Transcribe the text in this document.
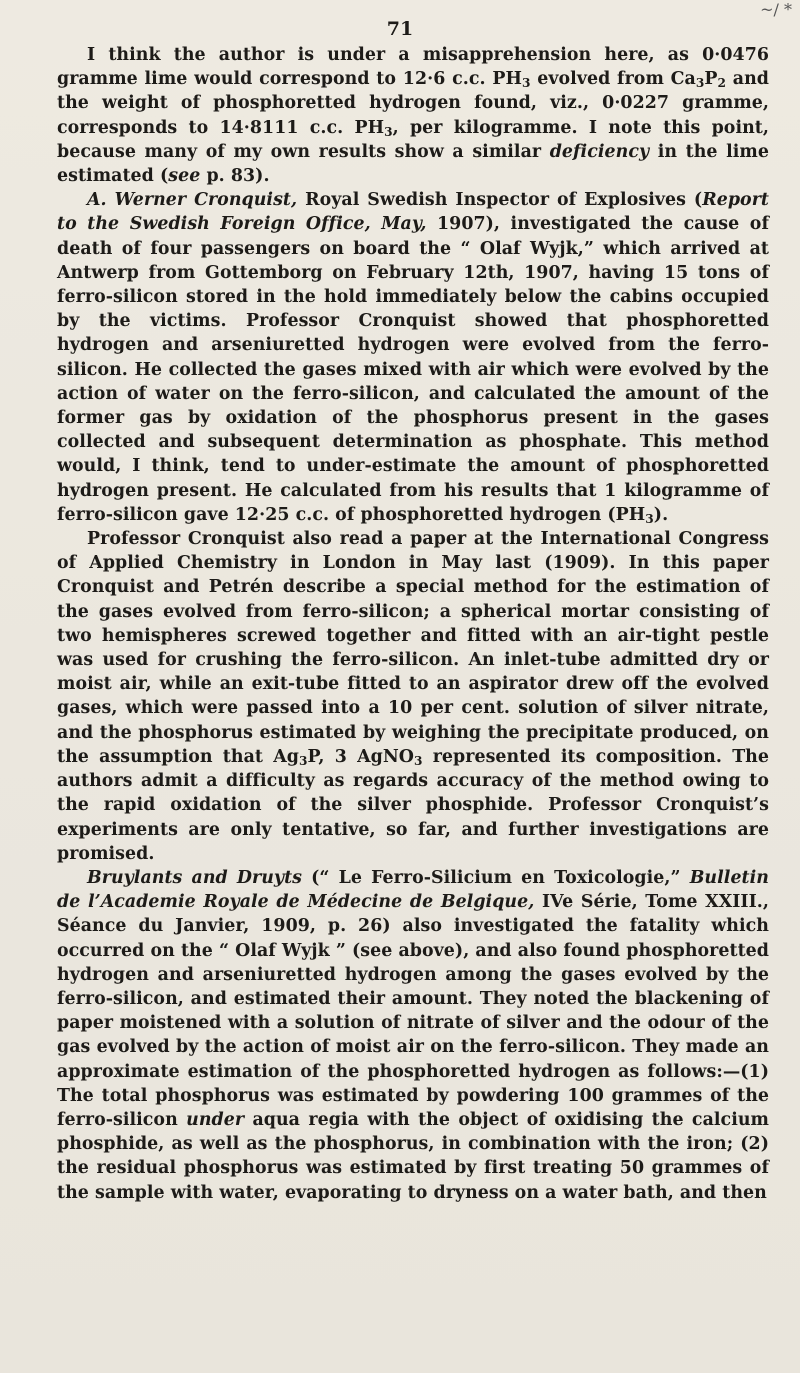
~/ *
71

I think the author is under a misapprehension here, as 0·0476 gramme lime would correspond to 12·6 c.c. $PH_3$ evolved from $Ca_3P_2$ and the weight of phosphoretted hydrogen found, viz., 0·0227 gramme, corresponds to 14·8111 c.c. $PH_3$, per kilogramme. I note this point, because many of my own results show a similar deficiency in the lime estimated (see p. 83).

A. Werner Cronquist, Royal Swedish Inspector of Explosives (Report to the Swedish Foreign Office, May, 1907), investigated the cause of death of four passengers on board the “ Olaf Wyjk,” which arrived at Antwerp from Gottemborg on February 12th, 1907, having 15 tons of ferro-silicon stored in the hold immediately below the cabins occupied by the victims. Professor Cronquist showed that phosphoretted hydrogen and arseniuretted hydrogen were evolved from the ferro-silicon. He collected the gases mixed with air which were evolved by the action of water on the ferro-silicon, and calculated the amount of the former gas by oxidation of the phosphorus present in the gases collected and subsequent determination as phosphate. This method would, I think, tend to under-estimate the amount of phosphoretted hydrogen present. He calculated from his results that 1 kilogramme of ferro-silicon gave 12·25 c.c. of phosphoretted hydrogen $(PH_3)$.

Professor Cronquist also read a paper at the International Congress of Applied Chemistry in London in May last (1909). In this paper Cronquist and Petrén describe a special method for the estimation of the gases evolved from ferro-silicon; a spherical mortar consisting of two hemispheres screwed together and fitted with an air-tight pestle was used for crushing the ferro-silicon. An inlet-tube admitted dry or moist air, while an exit-tube fitted to an aspirator drew off the evolved gases, which were passed into a 10 per cent. solution of silver nitrate, and the phosphorus estimated by weighing the precipitate produced, on the assumption that $Ag_3P$, 3 AgNO$_3$ represented its composition. The authors admit a difficulty as regards accuracy of the method owing to the rapid oxidation of the silver phosphide. Professor Cronquist’s experiments are only tentative, so far, and further investigations are promised.

Bruylants and Druyts (“ Le Ferro-Silicium en Toxicologie,” Bulletin de l’Academie Royale de Médecine de Belgique, IVe Série, Tome XXIII., Séance du Janvier, 1909, p. 26) also investigated the fatality which occurred on the “ Olaf Wyjk ” (see above), and also found phosphoretted hydrogen and arseniuretted hydrogen among the gases evolved by the ferro-silicon, and estimated their amount. They noted the blackening of paper moistened with a solution of nitrate of silver and the odour of the gas evolved by the action of moist air on the ferro-silicon. They made an approximate estimation of the phosphoretted hydrogen as follows:—(1) The total phosphorus was estimated by powdering 100 grammes of the ferro-silicon under aqua regia with the object of oxidising the calcium phosphide, as well as the phosphorus, in combination with the iron; (2) the residual phosphorus was estimated by first treating 50 grammes of the sample with water, evaporating to dryness on a water bath, and then
